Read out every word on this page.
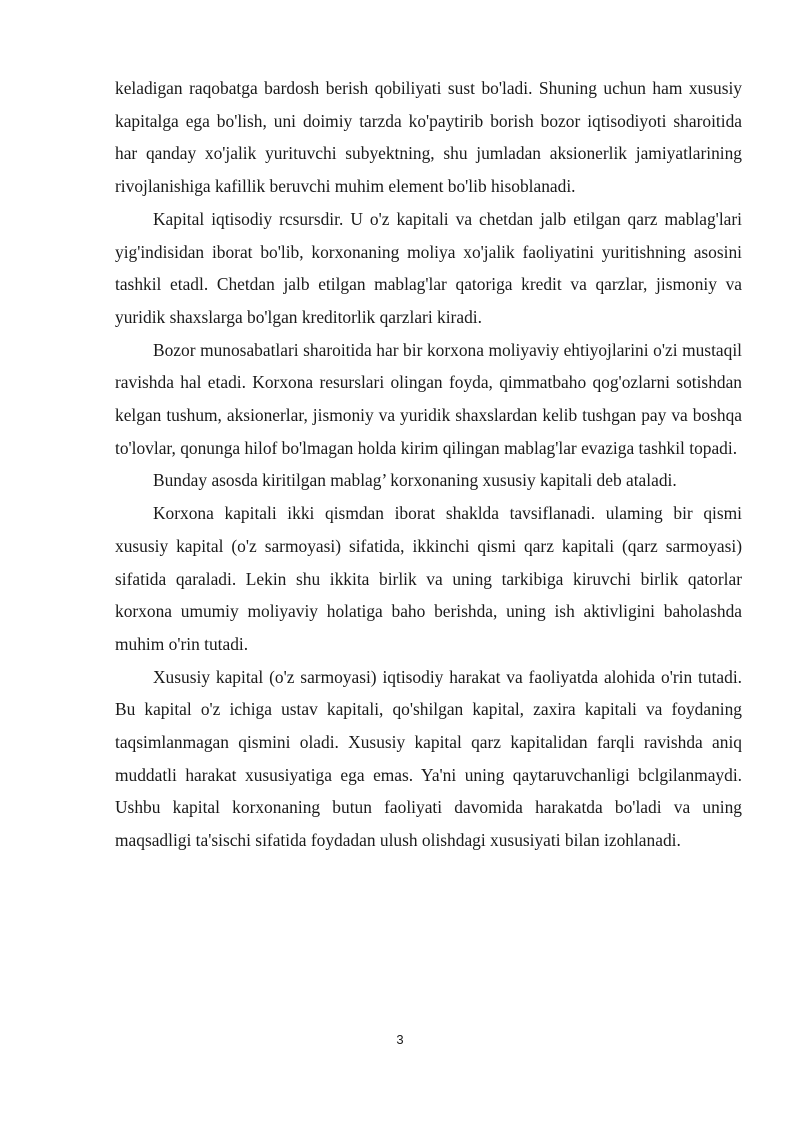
keladigan raqobatga bardosh berish qobiliyati sust bo'ladi. Shuning uchun ham xususiy kapitalga ega bo'lish, uni doimiy tarzda ko'paytirib borish bozor iqtisodiyoti sharoitida har qanday xo'jalik yurituvchi subyektning, shu jumladan aksionerlik jamiyatlarining rivojlanishiga kafillik beruvchi muhim element bo'lib hisoblanadi.

Kapital iqtisodiy rcsursdir. U o'z kapitali va chetdan jalb etilgan qarz mablag'lari yig'indisidan iborat bo'lib, korxonaning moliya xo'jalik faoliyatini yuritishning asosini tashkil etadl. Chetdan jalb etilgan mablag'lar qatoriga kredit va qarzlar, jismoniy va yuridik shaxslarga bo'lgan kreditorlik qarzlari kiradi.

Bozor munosabatlari sharoitida har bir korxona moliyaviy ehtiyojlarini o'zi mustaqil ravishda hal etadi. Korxona resurslari olingan foyda, qimmatbaho qog'ozlarni sotishdan kelgan tushum, aksionerlar, jismoniy va yuridik shaxslardan kelib tushgan pay va boshqa to'lovlar, qonunga hilof bo'lmagan holda kirim qilingan mablag'lar evaziga tashkil topadi.

Bunday asosda kiritilgan mablag’ korxonaning xususiy kapitali deb ataladi.

Korxona kapitali ikki qismdan iborat shaklda tavsiflanadi. ulaming bir qismi xususiy kapital (o'z sarmoyasi) sifatida, ikkinchi qismi qarz kapitali (qarz sarmoyasi) sifatida qaraladi. Lekin shu ikkita birlik va uning tarkibiga kiruvchi birlik qatorlar korxona umumiy moliyaviy holatiga baho berishda, uning ish aktivligini baholashda muhim o'rin tutadi.

Xususiy kapital (o'z sarmoyasi) iqtisodiy harakat va faoliyatda alohida o'rin tutadi. Bu kapital o'z ichiga ustav kapitali, qo'shilgan kapital, zaxira kapitali va foydaning taqsimlanmagan qismini oladi. Xususiy kapital qarz kapitalidan farqli ravishda aniq muddatli harakat xususiyatiga ega emas. Ya'ni uning qaytaruvchanligi bclgilanmaydi. Ushbu kapital korxonaning butun faoliyati davomida harakatda bo'ladi va uning maqsadligi ta'sischi sifatida foydadan ulush olishdagi xususiyati bilan izohlanadi.

3
